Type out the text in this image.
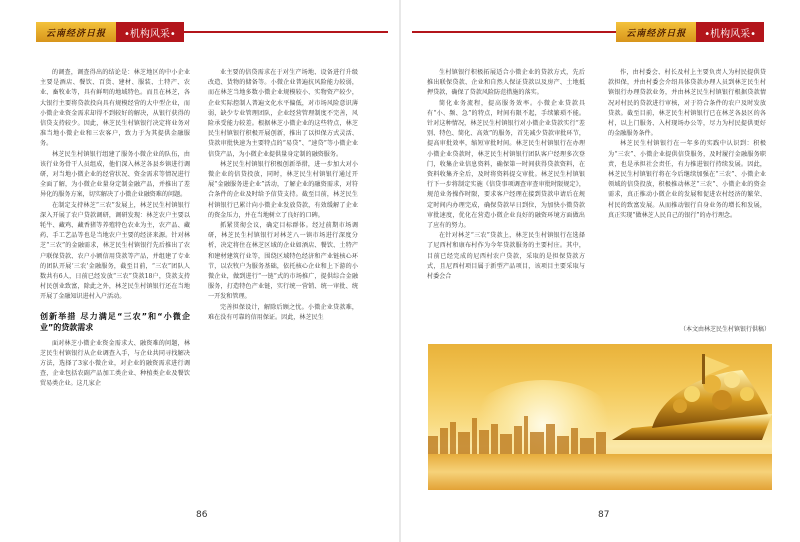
云南经济日报	•机构风采•

的调查，调查得出的结论是：林芝地区的中小企业主要是酒店、餐饮、百货、建材、服装、土特产、农业、畜牧业等，具有鲜明的地域特色。而且在林芝，各大银行主要将贷款投向具有规模经营的大中型企业，而小微企业资金需求却得不到较好的解决，从银行获得的信贷支持较少。因此，林芝民生村镇银行决定将业务对准当地小微企业和三农客户，致力于为其提供金融服务。

林芝民生村镇银行组建了服务小微企业的队伍，由该行业务骨干人员组成，他们深入林芝各县乡镇进行调研，对当地小微企业的经营状况、资金需求等情况进行全面了解，为小微企业量身定制金融产品，并推出了差异化的服务方案，切实解决了小微企业融资难的问题。

在制定支持林芝“三农”发展上，林芝民生村镇银行深入开展了农户贷款调研，调研发现：林芝农户主要以牦牛、藏鸡、藏香猪等养殖特色农业为主，农产品、藏药、手工艺品等也是当地农户主要的经济来源。针对林芝“三农”的金融需求，林芝民生村镇银行先后推出了农户联保贷款、农户小额信用贷款等产品，并组建了专业的团队开展‘三农’金融服务，截至目前，“三农”团队人数共有6人，日前已经发放“三农”贷款18户，贷款支持村民创业致富，除此之外，林芝民生村镇银行还在当地开展了金融知识进村入户活动。

创新举措 尽力满足“三农”和“小微企业”的贷款需求

面对林芝小微企业资金需求大、融资难的问题，林芝民生村镇银行从企业调查入手，与企业共同寻找解决方法，选择了3家小微企业，对企业的融资需求进行调查，企业包括农副产品加工类企业、种植类企业及餐饮贸易类企业。这几家企

业主要的信贷需求在于对生产场地、设备进行升级改造、货物的储备等。小微企业普遍抗风险能力较弱，而在林芝当地多数小微企业规模较小、实物资产较少，企业实际控制人普遍文化水平偏低，对市场风险意识薄弱，缺少专业管理团队，企业经营管理制度不完善，风险承受能力较差。根据林芝小微企业的这些特点，林芝民生村镇银行积极开展创新，推出了以担保方式灵活、贷款审批快速为主要特点的“易贷”、“速贷”等小微企业信贷产品，为小微企业提供量身定制的融资服务。

林芝民生村镇银行积极创新举措，进一步加大对小微企业的信贷投放，同时，林芝民生村镇银行通过开展“金融服务进企业”活动，了解企业的融资需求，对符合条件的企业及时给予信贷支持。截至目前，林芝民生村镇银行已累计向小微企业发放贷款，有效缓解了企业的资金压力，并在当地树立了良好的口碑。

抓紧贯彻会议，确定目标群体。经过前期市场调研，林芝民生村镇银行对林芝八一镇市场进行深度分析，决定将住在林芝区域的企业如酒店、餐饮、土特产和建材建筑行业等，围绕区域特色经济和产业链核心环节，以农牧户为服务基础，依托核心企业和上下游的小微企业，做到进行“一链”式的市场推广，提供综合金融服务，打造特色产业链，实行统一营销、统一审批、统一开发和管理。

完善担保设计，解除后顾之忧。小微企业贷款难，难在没有可靠的信用保证。因此，林芝民生

86
云南经济日报	•机构风采•

生村镇银行积极拓展适合小微企业的贷款方式，先后推出联保贷款、企业和自然人保证贷款以及房产、土地抵押贷款，确保了贷款风险防范措施的落实。

简化业务流程，提高服务效率。小微企业贷款具有“小、频、急”的特点，时间有限不起，手续繁琐不能。针对这种情况，林芝民生村镇银行对小微企业贷款实行“差别、特色、简化、高效”的服务，首先减少贷款审批环节，提高审批效率，缩短审批时间。林芝民生村镇银行在办理小微企业贷款时，林芝民生村镇银行团队客户经理多次登门，收集企业信息资料，确保第一时间获得贷款资料，在资料收集齐全后，及时将资料提交审批。林芝民生村镇银行下一步将制定实施《信贷事项调查审查审批时限规定》，规范业务操作时限，要求客户经理在接到贷款申请后在规定时间内办理完成，确保贷款早日到位，为加快小微贷款审批速度，优化在营造小微企业良好的融资环境方面做出了应有的努力。

在针对林芝“三农”贷款上，林芝民生村镇银行在选择了尼西村和康布村作为今年贷款服务的主要村庄。其中，目前已经完成的尼西村农户贷款，采取的是担保贷款方式，且尼西村项目属于新型产品项目，该项目主要采取与村委会合

作，由村委会、村长及村上主要负责人为村民提供贷款担保，并由村委会介绍具体贷款办理人员到林芝民生村镇银行办理贷款业务，并由林芝民生村镇银行根据贷款情况对村民的贷款进行审核，对于符合条件的农户及时发放贷款。截至目前，林芝民生村镇银行已在林芝各县区的各村，以上门服务、入村现场办公等，尽力为村民提供更好的金融服务条件。

林芝民生村镇银行在一年多的实践中认识到：积极为“三农”、小微企业提供信贷服务，及时履行金融服务职责，也是承担社会责任，有力推进银行持续发展。因此，林芝民生村镇银行将在今后继续加强在“三农”、小微企业领域的信贷投放，积极推动林芝“三农”、小微企业的资金需求，真正推动小微企业的发展和促进农村经济的繁荣、村民的致富发展。从而推动银行自身业务的增长和发展，真正实现“做林芝人民自己的银行”的办行理念。

87
（本文由林芝民生村镇银行供稿）
